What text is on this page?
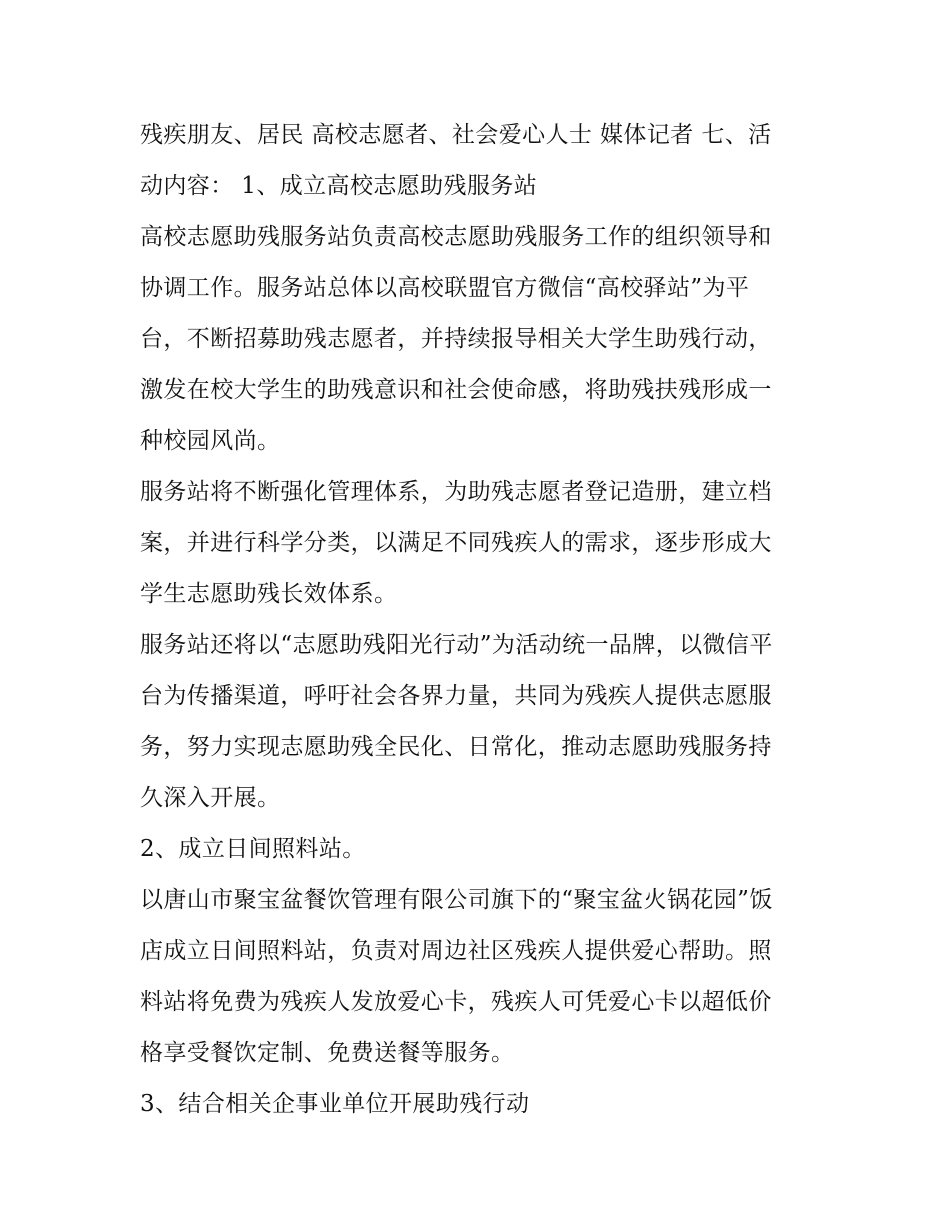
残疾朋友、居民 高校志愿者、社会爱心人士 媒体记者 七、活
动内容： 1、成立高校志愿助残服务站

高校志愿助残服务站负责高校志愿助残服务工作的组织领导和
协调工作。服务站总体以高校联盟官方微信“高校驿站”为平
台，不断招募助残志愿者，并持续报导相关大学生助残行动，
激发在校大学生的助残意识和社会使命感，将助残扶残形成一
种校园风尚。

服务站将不断强化管理体系，为助残志愿者登记造册，建立档
案，并进行科学分类，以满足不同残疾人的需求，逐步形成大
学生志愿助残长效体系。

服务站还将以“志愿助残阳光行动”为活动统一品牌，以微信平
台为传播渠道，呼吁社会各界力量，共同为残疾人提供志愿服
务，努力实现志愿助残全民化、日常化，推动志愿助残服务持
久深入开展。

2、成立日间照料站。

以唐山市聚宝盆餐饮管理有限公司旗下的“聚宝盆火锅花园”饭
店成立日间照料站，负责对周边社区残疾人提供爱心帮助。照
料站将免费为残疾人发放爱心卡，残疾人可凭爱心卡以超低价
格享受餐饮定制、免费送餐等服务。

3、结合相关企事业单位开展助残行动
